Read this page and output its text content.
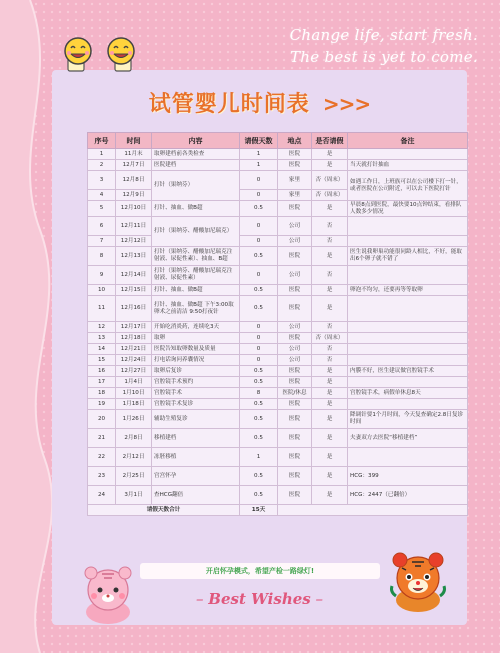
Change life, start fresh.
The best is yet to come.
试管婴儿时间表 >>>
序号	时间	内容	请假天数	地点	是否请假	备注
1	11月末	取卵建档前各类检查	1	医院	是	
2	12月7日	医院建档	1	医院	是	当天就打针抽血
3	12月8日	打针（果纳芬）	0	家里	否（周末）	如遇工作日，上班族可以在公司楼下打一针，或者医院在公司附近，可以去下医院打针
4	12月9日		0	家里	否（周末）	
5	12月10日	打针、抽血、做B超	0.5	医院	是	早晨8点到医院，最快要10点钟结束，看排队人数多少情况
6	12月11日	打针（果纳芬、醋酸加尼瑞克）	0	公司	否	
7	12月12日		0	公司	否	
8	12月13日	打针（果纳芬、醋酸加尼瑞克注射液、尿促性素）、抽血、B超	0.5	医院	是	医生说我卵巢功能很同龄人相比，不好，能取出6个卵子就不错了
9	12月14日	打针（果纳芬、醋酸加尼瑞克注射液、尿促性素）	0	公司	否	
10	12月15日	打针、抽血、做B超	0.5	医院	是	卵泡不均匀，还要再等等取卵
11	12月16日	打针、抽血、做B超 下午3:00取卵术之前清洁 9:50打夜针	0.5	医院	是	
12	12月17日	开始吃消炎药，连续吃3天	0	公司	否	
13	12月18日	取卵	0	医院	否（周末）	
14	12月21日	医院告知取卵数量及质量	0	公司	否	
15	12月24日	打电话询问养囊情况	0	公司	否	
16	12月27日	取卵后复诊	0.5	医院	是	内膜不好，医生建议做宫腔镜手术
17	1月4日	宫腔镜手术预约	0.5	医院	是	
18	1月10日	宫腔镜手术	8	医院/休息	是	宫腔镜手术，病假单休息8天
19	1月18日	宫腔镜手术复诊	0.5	医院	是	
20	1月26日	辅助生殖复诊	0.5	医院	是	降调针要1个月时间，今天复查确定2.8日复诊时间
21	2月8日	移植建档	0.5	医院	是	夫妻双方去医院“移植建档”
22	2月12日	冻胚移植	1	医院	是	
23	2月25日	宫宫怀孕	0.5	医院	是	HCG：399
24	3月1日	查HCG翻倍	0.5	医院	是	HCG：2447（已翻倍）
请假天数合计			15天			
开启怀孕模式，希望产检一路绿灯!
– Best Wishes –
